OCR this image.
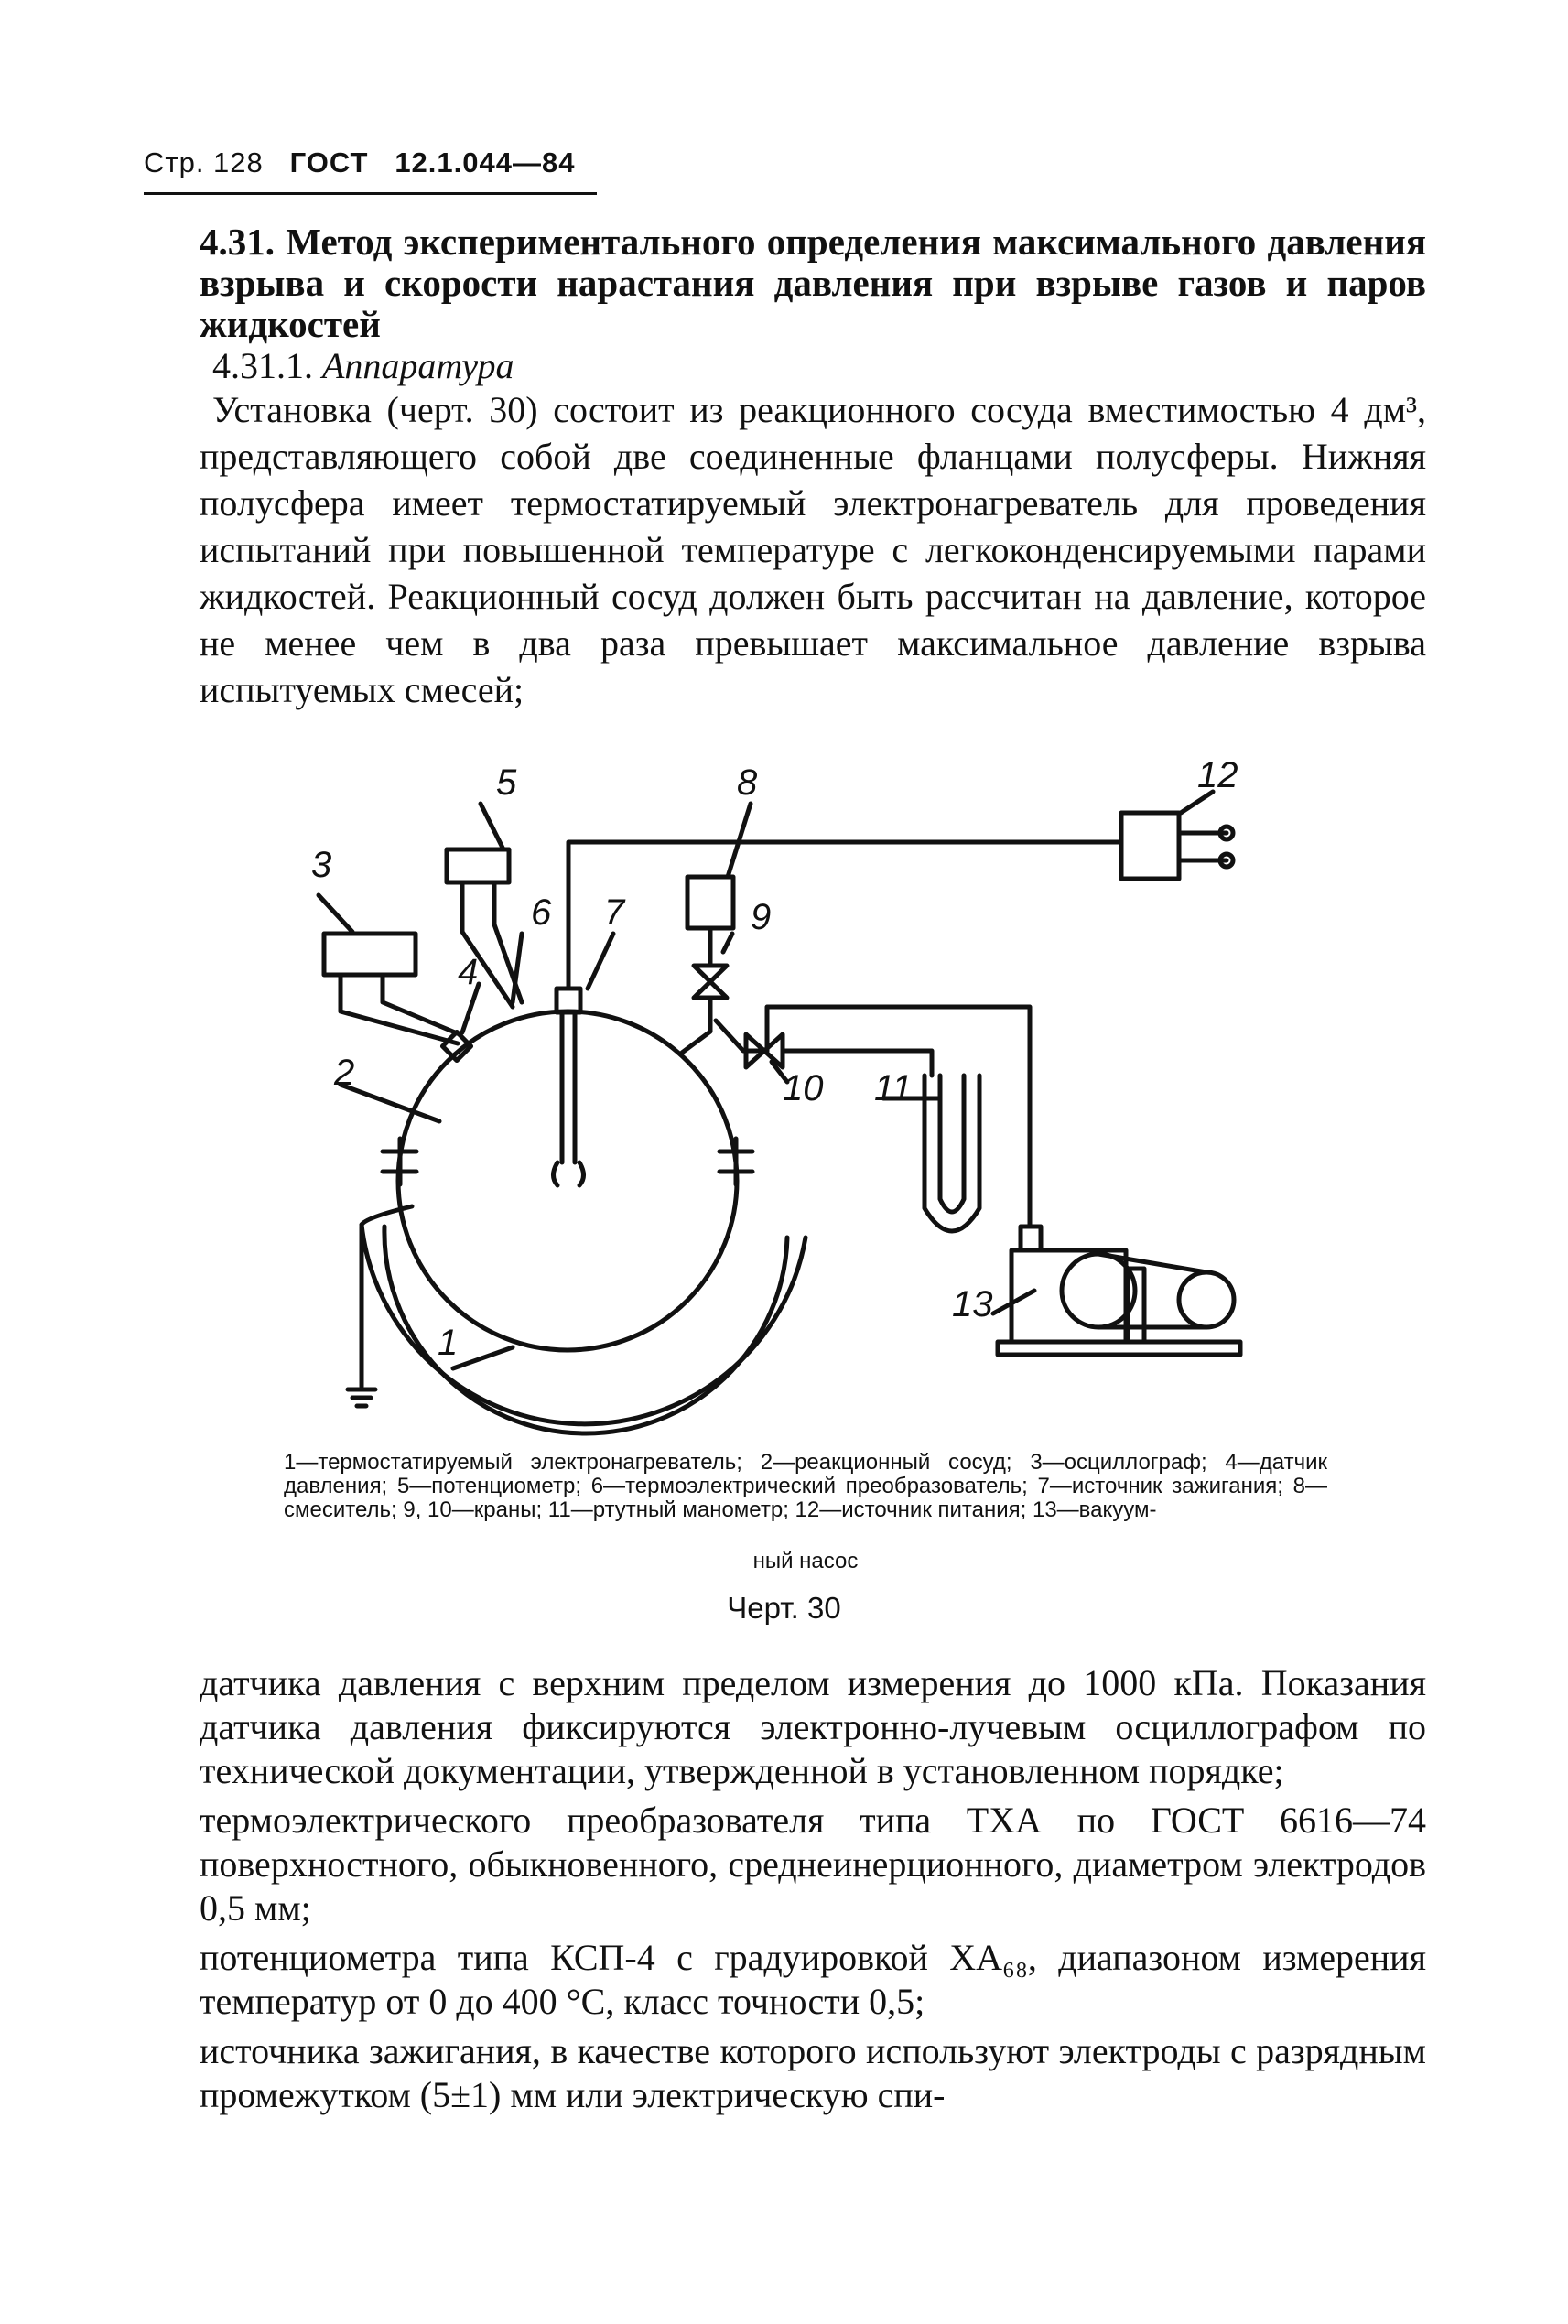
Стр. 128 ГОСТ 12.1.044—84
4.31. Метод экспериментального определения максимального давления взрыва и скорости нарастания давления при взрыве газов и паров жидкостей
4.31.1. Аппаратура
Установка (черт. 30) состоит из реакционного сосуда вместимостью 4 дм³, представляющего собой две соединенные фланцами полусферы. Нижняя полусфера имеет термостатируемый электронагреватель для проведения испытаний при повышенной температуре с легкоконденсируемыми парами жидкостей. Реакционный сосуд должен быть рассчитан на давление, которое не менее чем в два раза превышает максимальное давление взрыва испытуемых смесей;
1
2
3
4
5
6 7
8
9
10 11
12
13
1—термостатируемый электронагреватель; 2—реакционный сосуд; 3—осциллограф; 4—датчик давления; 5—потенциометр; 6—термоэлектрический преобразователь; 7—источник зажигания; 8—смеситель; 9, 10—краны; 11—ртутный манометр; 12—источник питания; 13—вакуум-
ный насос
Черт. 30

датчика давления с верхним пределом измерения до 1000 кПа. Показания датчика давления фиксируются электронно-лучевым осциллографом по технической документации, утвержденной в установленном порядке;

термоэлектрического преобразователя типа ТХА по ГОСТ 6616—74 поверхностного, обыкновенного, среднеинерционного, диаметром электродов 0,5 мм;

потенциометра типа КСП-4 с градуировкой ХА₆₈, диапазоном измерения температур от 0 до 400 °С, класс точности 0,5;

источника зажигания, в качестве которого используют электроды с разрядным промежутком (5±1) мм или электрическую спи-
